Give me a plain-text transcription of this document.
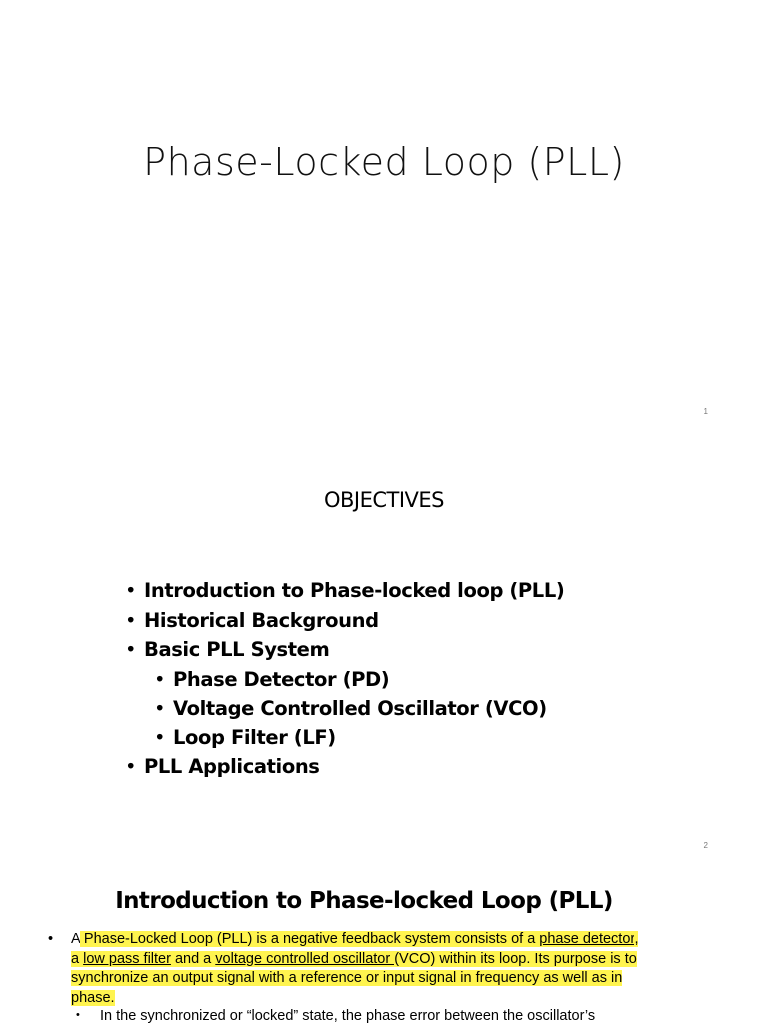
Phase-Locked Loop (PLL)
1
OBJECTIVES
• Introduction to Phase-locked loop (PLL)
• Historical Background
• Basic PLL System
• Phase Detector (PD)
• Voltage Controlled Oscillator (VCO)
• Loop Filter (LF)
• PLL Applications
2
Introduction to Phase-locked Loop (PLL)
• A Phase-Locked Loop (PLL) is a negative feedback system consists of a phase detector, a low pass filter and a voltage controlled oscillator (VCO) within its loop. Its purpose is to synchronize an output signal with a reference or input signal in frequency as well as in phase.
• In the synchronized or “locked” state, the phase error between the oscillator’s
